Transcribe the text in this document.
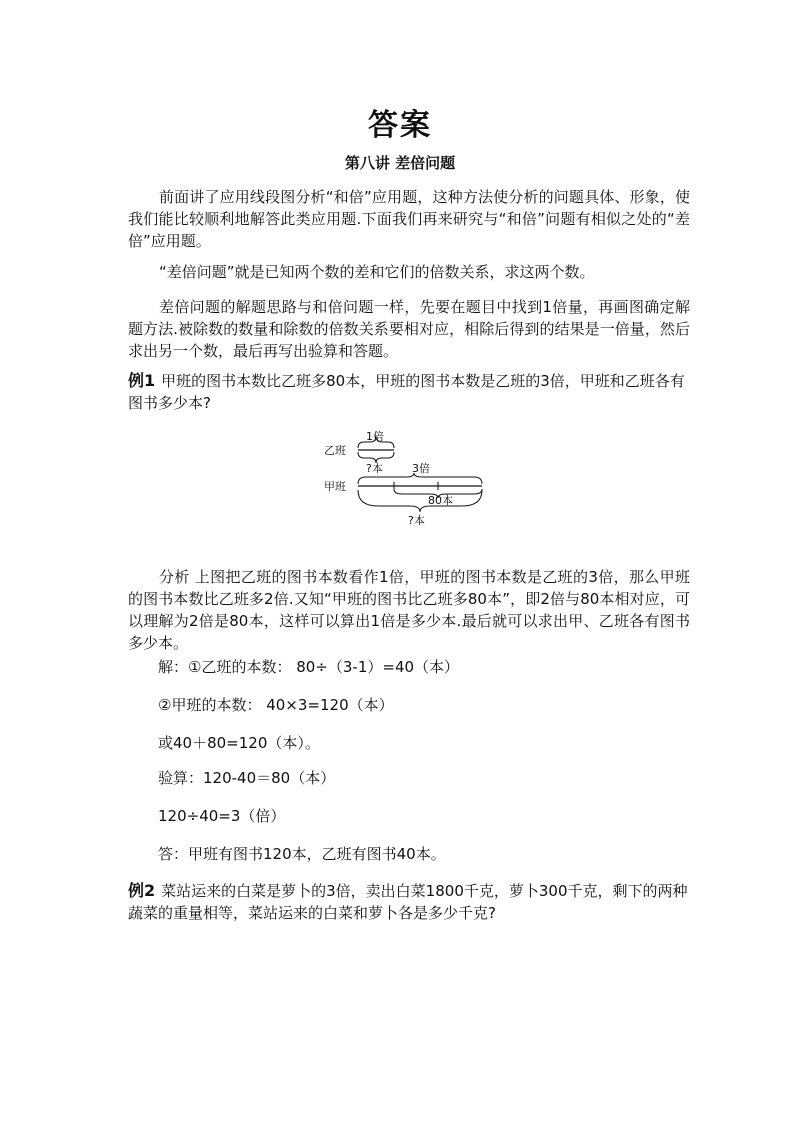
答案
第八讲 差倍问题

前面讲了应用线段图分析“和倍”应用题，这种方法使分析的问题具体、形象，使我们能比较顺利地解答此类应用题.下面我们再来研究与“和倍”问题有相似之处的“差倍”应用题。

“差倍问题”就是已知两个数的差和它们的倍数关系，求这两个数。

差倍问题的解题思路与和倍问题一样，先要在题目中找到1倍量，再画图确定解题方法.被除数的数量和除数的倍数关系要相对应，相除后得到的结果是一倍量，然后求出另一个数，最后再写出验算和答题。

例1 甲班的图书本数比乙班多80本，甲班的图书本数是乙班的3倍，甲班和乙班各有图书多少本?

乙班
1倍
?本	3倍
甲班
80本
?本

分析 上图把乙班的图书本数看作1倍，甲班的图书本数是乙班的3倍，那么甲班的图书本数比乙班多2倍.又知“甲班的图书比乙班多80本”，即2倍与80本相对应，可以理解为2倍是80本，这样可以算出1倍是多少本.最后就可以求出甲、乙班各有图书多少本。

解：①乙班的本数： 80÷（3-1）=40（本）

②甲班的本数： 40×3=120（本）

或40＋80=120（本）。

验算：120-40＝80（本）

120÷40=3（倍）

答：甲班有图书120本，乙班有图书40本。

例2 菜站运来的白菜是萝卜的3倍，卖出白菜1800千克，萝卜300千克，剩下的两种蔬菜的重量相等，菜站运来的白菜和萝卜各是多少千克?
